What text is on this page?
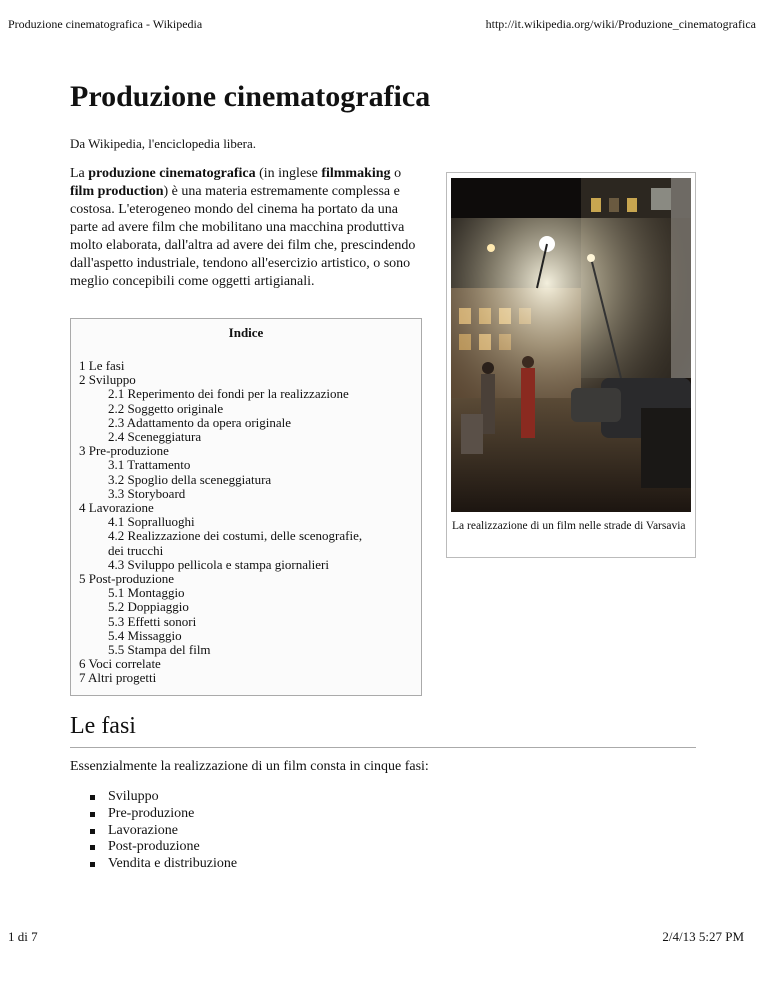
Produzione cinematografica - Wikipedia	http://it.wikipedia.org/wiki/Produzione_cinematografica
Produzione cinematografica
Da Wikipedia, l'enciclopedia libera.

La produzione cinematografica (in inglese filmmaking o film production) è una materia estremamente complessa e costosa. L'eterogeneo mondo del cinema ha portato da una parte ad avere film che mobilitano una macchina produttiva molto elaborata, dall'altra ad avere dei film che, prescindendo dall'aspetto industriale, tendono all'esercizio artistico, o sono meglio concepibili come oggetti artigianali.

Indice
1 Le fasi
2 Sviluppo
2.1 Reperimento dei fondi per la realizzazione
2.2 Soggetto originale
2.3 Adattamento da opera originale
2.4 Sceneggiatura
3 Pre-produzione
3.1 Trattamento
3.2 Spoglio della sceneggiatura
3.3 Storyboard
4 Lavorazione
4.1 Sopralluoghi
4.2 Realizzazione dei costumi, delle scenografie,
dei trucchi
4.3 Sviluppo pellicola e stampa giornalieri
5 Post-produzione
5.1 Montaggio
5.2 Doppiaggio
5.3 Effetti sonori
5.4 Missaggio
5.5 Stampa del film
6 Voci correlate
7 Altri progetti
La realizzazione di un film nelle strade di Varsavia
Le fasi
Essenzialmente la realizzazione di un film consta in cinque fasi:
Sviluppo
Pre-produzione
Lavorazione
Post-produzione
Vendita e distribuzione
1 di 7	2/4/13 5:27 PM
